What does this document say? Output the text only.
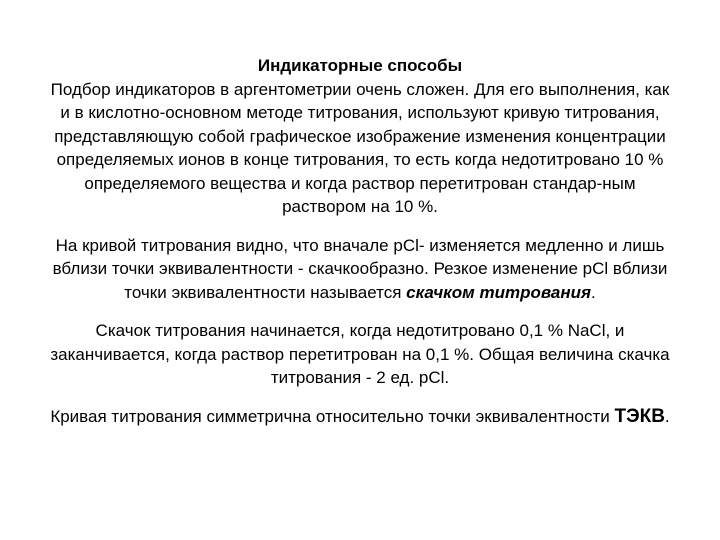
Индикаторные способы

Подбор индикаторов в аргентометрии очень сложен. Для его выполнения, как и в кислотно-основном методе титрования, используют кривую титрования, представляющую собой графическое изображение изменения концентрации определяемых ионов в конце титрования, то есть когда недотитровано 10 % определяемого вещества и когда раствор перетитрован стандар-ным раствором на 10 %.

На кривой титрования видно, что вначале pCl- изменяется медленно и лишь вблизи точки эквивалентности - скачкообразно. Резкое изменение pCl вблизи точки эквивалентности называется скачком титрования.

Скачок титрования начинается, когда недотитровано 0,1 % NaCl, и заканчивается, когда раствор перетитрован на 0,1 %. Общая величина скачка титрования - 2 ед. pCl.

Кривая титрования симметрична относительно точки эквивалентности ТЭКВ.
